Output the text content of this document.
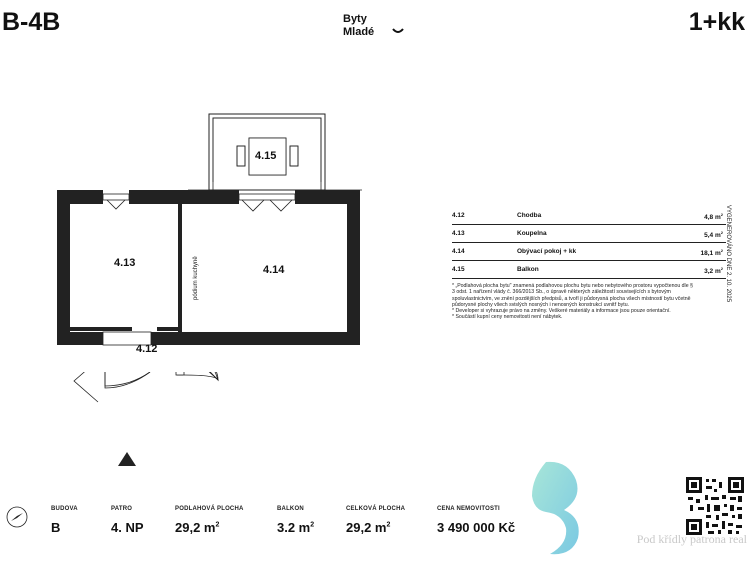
B-4B	Byty
Mladé	1+kk
4.15
4.13
4.14
4.12
pódium kuchyně
4.12	Chodba	4,8 $m^2$
4.13	Koupelna	5,4 $m^2$
4.14	Obývací pokoj + kk	18,1 $m^2$
4.15	Balkon	3,2 $m^2$

* „Podlahová plocha bytu" znamená podlahovou plochu bytu nebo nebytového prostoru vypočtenou dle § 3 odst. 1 nařízení vlády č. 366/2013 Sb., o úpravě některých záležitostí souvisejících s bytovým spoluvlastnictvím, ve znění pozdějších předpisů, a tvoří ji půdorysná plocha všech místností bytu včetně půdorysné plochy všech svislých nosných i nenosných konstrukcí uvnitř bytu.

* Developer si vyhrazuje právo na změny. Veškeré materiály a informace jsou pouze orientační.

* Součástí kupní ceny nemovitosti není nábytek.

VYGENEROVÁNO DNE 2. 10. 2025
BUDOVA
B
PATRO
4. NP
PODLAHOVÁ PLOCHA
29,2 $m^2$
BALKON
3.2 $m^2$
CELKOVÁ PLOCHA
29,2 $m^2$
CENA NEMOVITOSTI
3 490 000 Kč
Pod křídly patrona real
